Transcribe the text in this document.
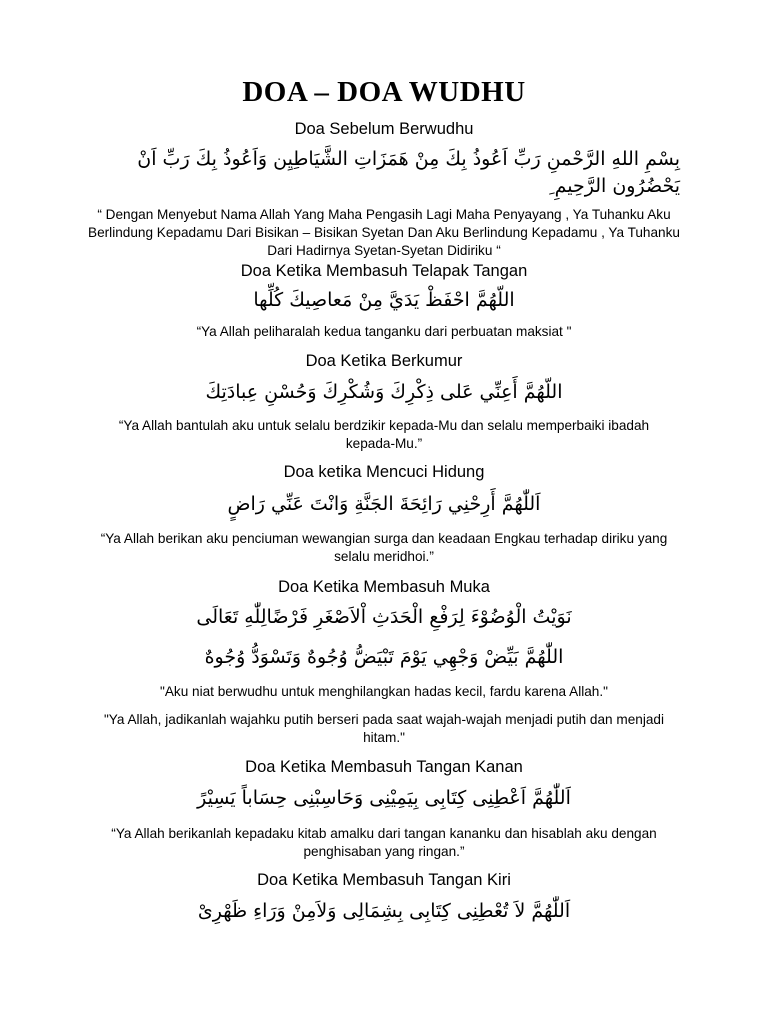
DOA – DOA WUDHU
Doa Sebelum Berwudhu
بِسْمِ اللهِ الرَّحْمنِ رَبِّ اَعُوذُ بِكَ مِنْ هَمَزَاتِ الشَّيَاطِيِن وَاَعُوذُ بِكَ رَبِّ اَنْ يَحْضُرُون الرَّحِيمِ ِ
“ Dengan Menyebut Nama Allah Yang Maha Pengasih Lagi Maha Penyayang , Ya Tuhanku Aku Berlindung Kepadamu Dari Bisikan – Bisikan Syetan Dan Aku Berlindung Kepadamu , Ya Tuhanku Dari Hadirnya Syetan-Syetan Didiriku “
Doa Ketika Membasuh Telapak Tangan
اللّهُمَّ احْفَظْ يَدَيَّ مِنْ مَعاصِيكَ كُلِّها
“Ya Allah peliharalah kedua tanganku dari perbuatan maksiat "
Doa Ketika Berkumur
اللّهُمَّ أَعِنِّي عَلى ذِكْرِكَ وَشُكْرِكَ وَحُسْنِ عِبادَتِكَ
“Ya Allah bantulah aku untuk selalu berdzikir kepada-Mu dan selalu memperbaiki ibadah kepada-Mu.”
Doa ketika Mencuci Hidung
اَللّٰهُمَّ أَرِحْنِي رَائِحَةَ الجَنَّةِ وَانْتَ عَنِّي رَاضٍ
“Ya Allah berikan aku penciuman wewangian surga dan keadaan Engkau terhadap diriku yang selalu meridhoi.”
Doa Ketika Membasuh Muka
نَوَيْتُ الْوُضُوْءَ لِرَفْعِ الْحَدَثِ اْلاَصْغَرِ فَرْضًالِلّٰهِ تَعَالَى
اللّٰهُمَّ بَيِّضْ وَجْهِي يَوْمَ تَبْيَضُّ وُجُوهٌ وَتَسْوَدُّ وُجُوهٌ
"Aku niat berwudhu untuk menghilangkan hadas kecil, fardu karena Allah."
"Ya Allah, jadikanlah wajahku putih berseri pada saat wajah-wajah menjadi putih dan menjadi hitam."
Doa Ketika Membasuh Tangan Kanan
اَللّٰهُمَّ اَعْطِنِى كِتَابِى بِيَمِيْنِى وَحَاسِبْنِى حِسَاباً يَسِيْرً
“Ya Allah berikanlah kepadaku kitab amalku dari tangan kananku dan hisablah aku dengan penghisaban yang ringan.”
Doa Ketika Membasuh Tangan Kiri
اَللّٰهُمَّ لاَ تُعْطِنِى كِتَابِى بِشِمَالِى وَلاَمِنْ وَرَاءِ ظَهْرِىْ
